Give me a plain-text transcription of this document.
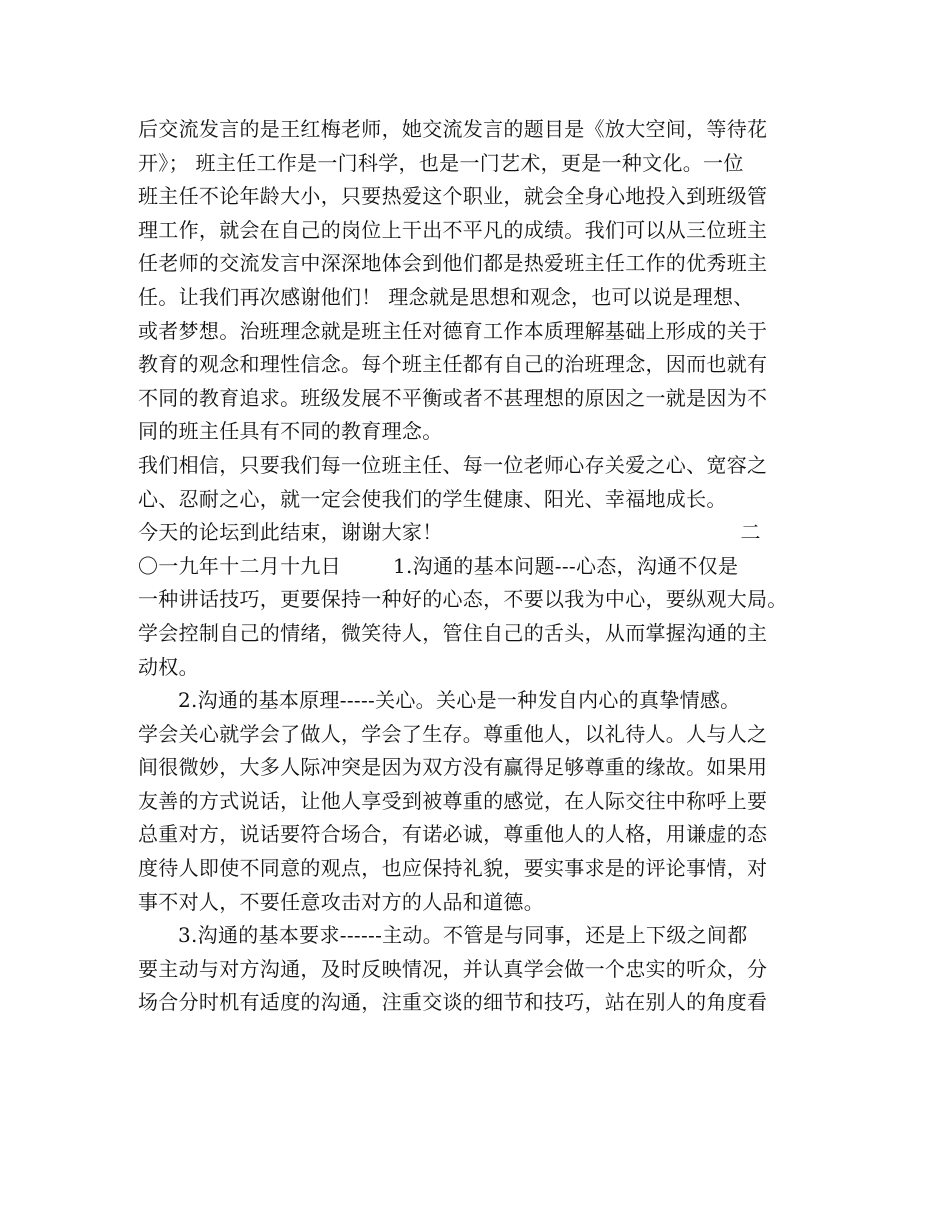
后交流发言的是王红梅老师，她交流发言的题目是《放大空间，等待花
开》； 班主任工作是一门科学，也是一门艺术，更是一种文化。一位
班主任不论年龄大小，只要热爱这个职业，就会全身心地投入到班级管
理工作，就会在自己的岗位上干出不平凡的成绩。我们可以从三位班主
任老师的交流发言中深深地体会到他们都是热爱班主任工作的优秀班主
任。让我们再次感谢他们！ 理念就是思想和观念，也可以说是理想、
或者梦想。治班理念就是班主任对德育工作本质理解基础上形成的关于
教育的观念和理性信念。每个班主任都有自己的治班理念，因而也就有
不同的教育追求。班级发展不平衡或者不甚理想的原因之一就是因为不
同的班主任具有不同的教育理念。
我们相信，只要我们每一位班主任、每一位老师心存关爱之心、宽容之
心、忍耐之心，就一定会使我们的学生健康、阳光、幸福地成长。
今天的论坛到此结束，谢谢大家！	二
〇一九年十二月十九日	1.沟通的基本问题---心态，沟通不仅是
一种讲话技巧，更要保持一种好的心态，不要以我为中心，要纵观大局。
学会控制自己的情绪，微笑待人，管住自己的舌头，从而掌握沟通的主
动权。
2.沟通的基本原理-----关心。关心是一种发自内心的真挚情感。
学会关心就学会了做人，学会了生存。尊重他人，以礼待人。人与人之
间很微妙，大多人际冲突是因为双方没有赢得足够尊重的缘故。如果用
友善的方式说话，让他人享受到被尊重的感觉，在人际交往中称呼上要
总重对方，说话要符合场合，有诺必诚，尊重他人的人格，用谦虚的态
度待人即使不同意的观点，也应保持礼貌，要实事求是的评论事情，对
事不对人，不要任意攻击对方的人品和道德。
3.沟通的基本要求------主动。不管是与同事，还是上下级之间都
要主动与对方沟通，及时反映情况，并认真学会做一个忠实的听众，分
场合分时机有适度的沟通，注重交谈的细节和技巧，站在别人的角度看
